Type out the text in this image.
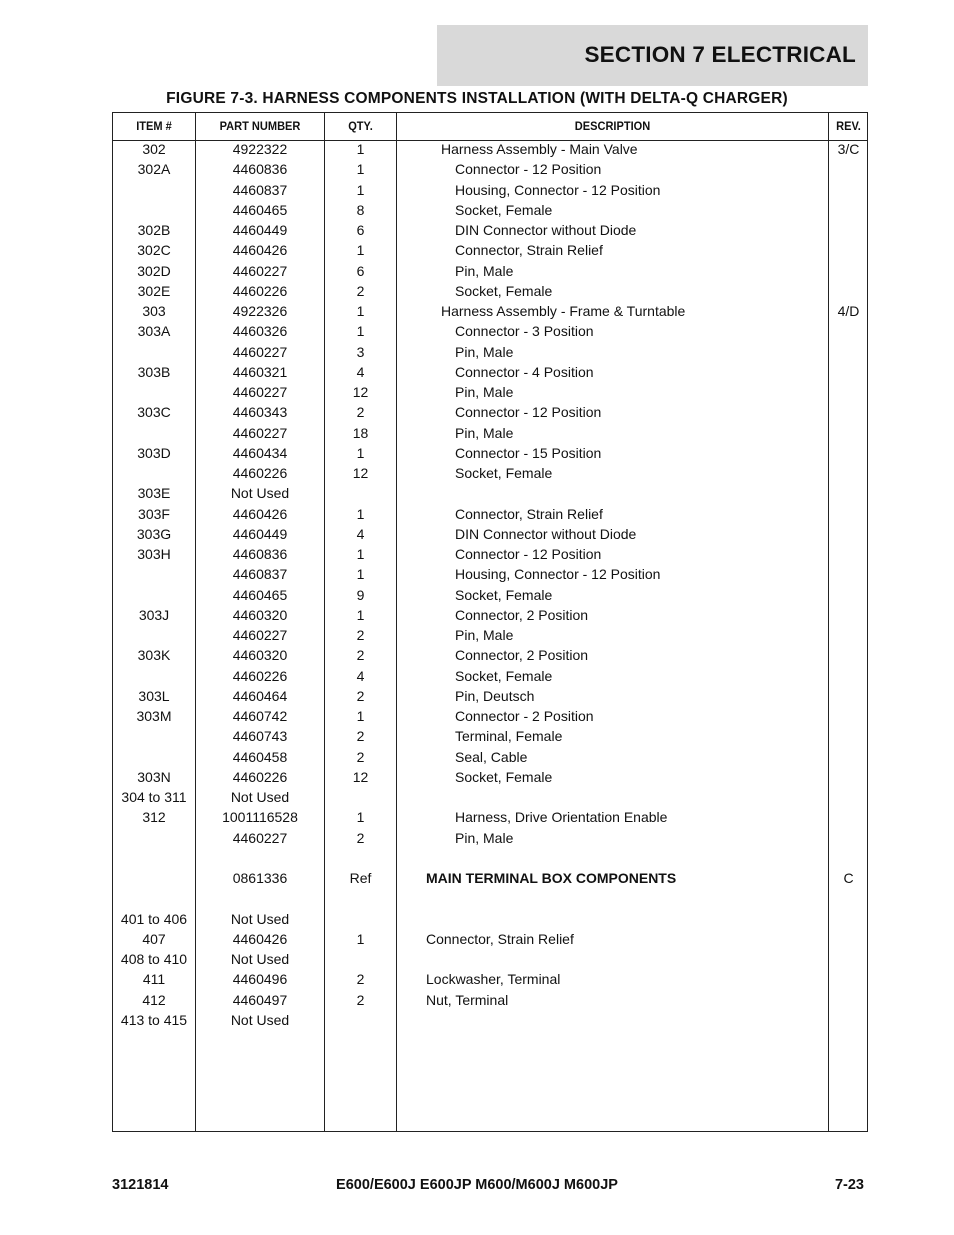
SECTION 7 ELECTRICAL
FIGURE 7-3. HARNESS COMPONENTS INSTALLATION (WITH DELTA-Q CHARGER)
ITEM #	PART NUMBER	QTY.	DESCRIPTION	REV.
302	4922322	1	Harness Assembly - Main Valve	3/C
302A	4460836	1	Connector - 12 Position
4460837	1	Housing, Connector - 12 Position
4460465	8	Socket, Female
302B	4460449	6	DIN Connector without Diode
302C	4460426	1	Connector, Strain Relief
302D	4460227	6	Pin, Male
302E	4460226	2	Socket, Female
303	4922326	1	Harness Assembly - Frame & Turntable	4/D
303A	4460326	1	Connector - 3 Position
4460227	3	Pin, Male
303B	4460321	4	Connector - 4 Position
4460227	12	Pin, Male
303C	4460343	2	Connector - 12 Position
4460227	18	Pin, Male
303D	4460434	1	Connector - 15 Position
4460226	12	Socket, Female
303E	Not Used
303F	4460426	1	Connector, Strain Relief
303G	4460449	4	DIN Connector without Diode
303H	4460836	1	Connector - 12 Position
4460837	1	Housing, Connector - 12 Position
4460465	9	Socket, Female
303J	4460320	1	Connector, 2 Position
4460227	2	Pin, Male
303K	4460320	2	Connector, 2 Position
4460226	4	Socket, Female
303L	4460464	2	Pin, Deutsch
303M	4460742	1	Connector - 2 Position
4460743	2	Terminal, Female
4460458	2	Seal, Cable
303N	4460226	12	Socket, Female
304 to 311	Not Used
312	1001116528	1	Harness, Drive Orientation Enable
4460227	2	Pin, Male
0861336	Ref	MAIN TERMINAL BOX COMPONENTS	C
401 to 406	Not Used
407	4460426	1	Connector, Strain Relief
408 to 410	Not Used
411	4460496	2	Lockwasher, Terminal
412	4460497	2	Nut, Terminal
413 to 415	Not Used
3121814	E600/E600J E600JP M600/M600J M600JP	7-23
